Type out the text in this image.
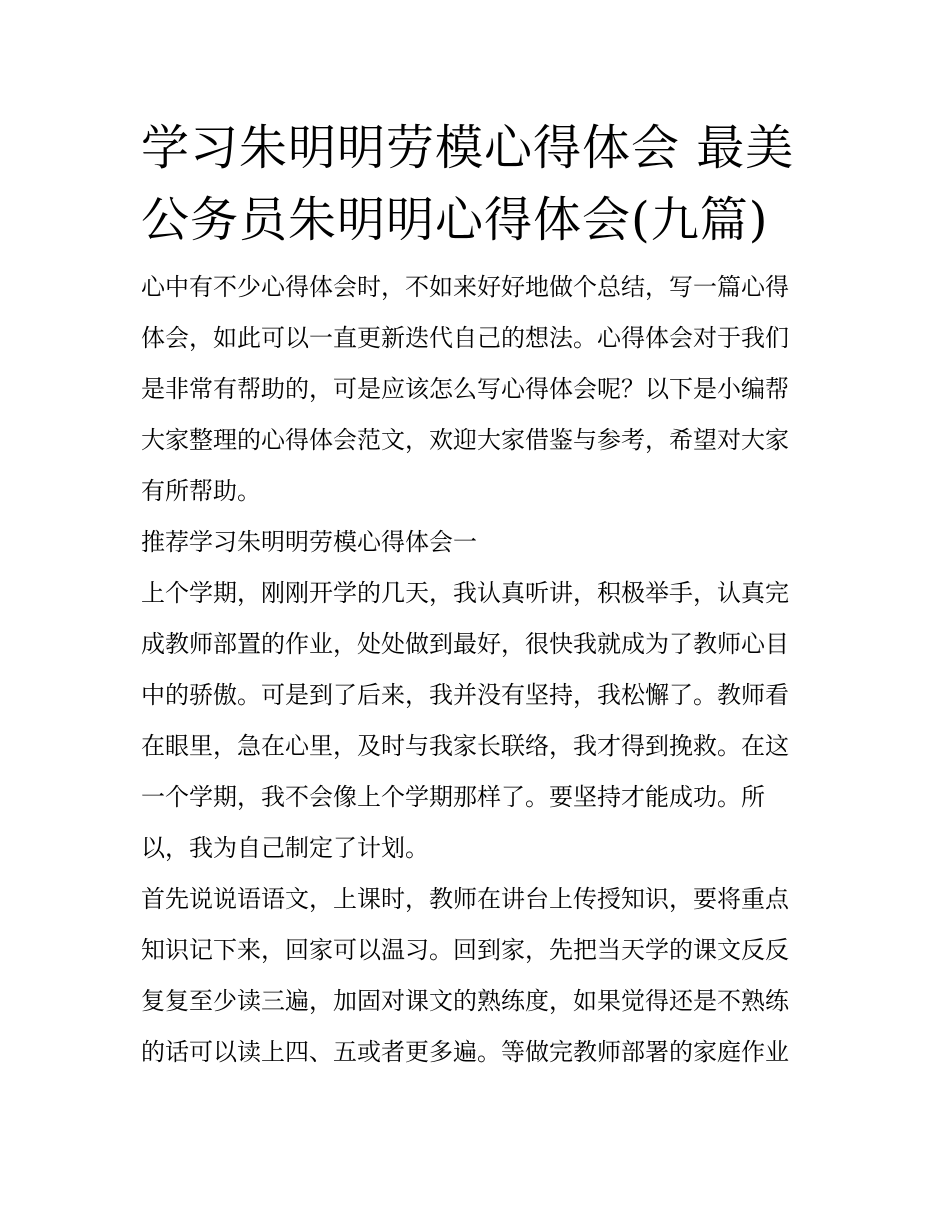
学习朱明明劳模心得体会 最美
公务员朱明明心得体会(九篇)
心中有不少心得体会时，不如来好好地做个总结，写一篇心得
体会，如此可以一直更新迭代自己的想法。心得体会对于我们
是非常有帮助的，可是应该怎么写心得体会呢？以下是小编帮
大家整理的心得体会范文，欢迎大家借鉴与参考，希望对大家
有所帮助。
推荐学习朱明明劳模心得体会一
上个学期，刚刚开学的几天，我认真听讲，积极举手，认真完
成教师部置的作业，处处做到最好，很快我就成为了教师心目
中的骄傲。可是到了后来，我并没有坚持，我松懈了。教师看
在眼里，急在心里，及时与我家长联络，我才得到挽救。在这
一个学期，我不会像上个学期那样了。要坚持才能成功。所
以，我为自己制定了计划。
首先说说语语文，上课时，教师在讲台上传授知识，要将重点
知识记下来，回家可以温习。回到家，先把当天学的课文反反
复复至少读三遍，加固对课文的熟练度，如果觉得还是不熟练
的话可以读上四、五或者更多遍。等做完教师部署的家庭作业
